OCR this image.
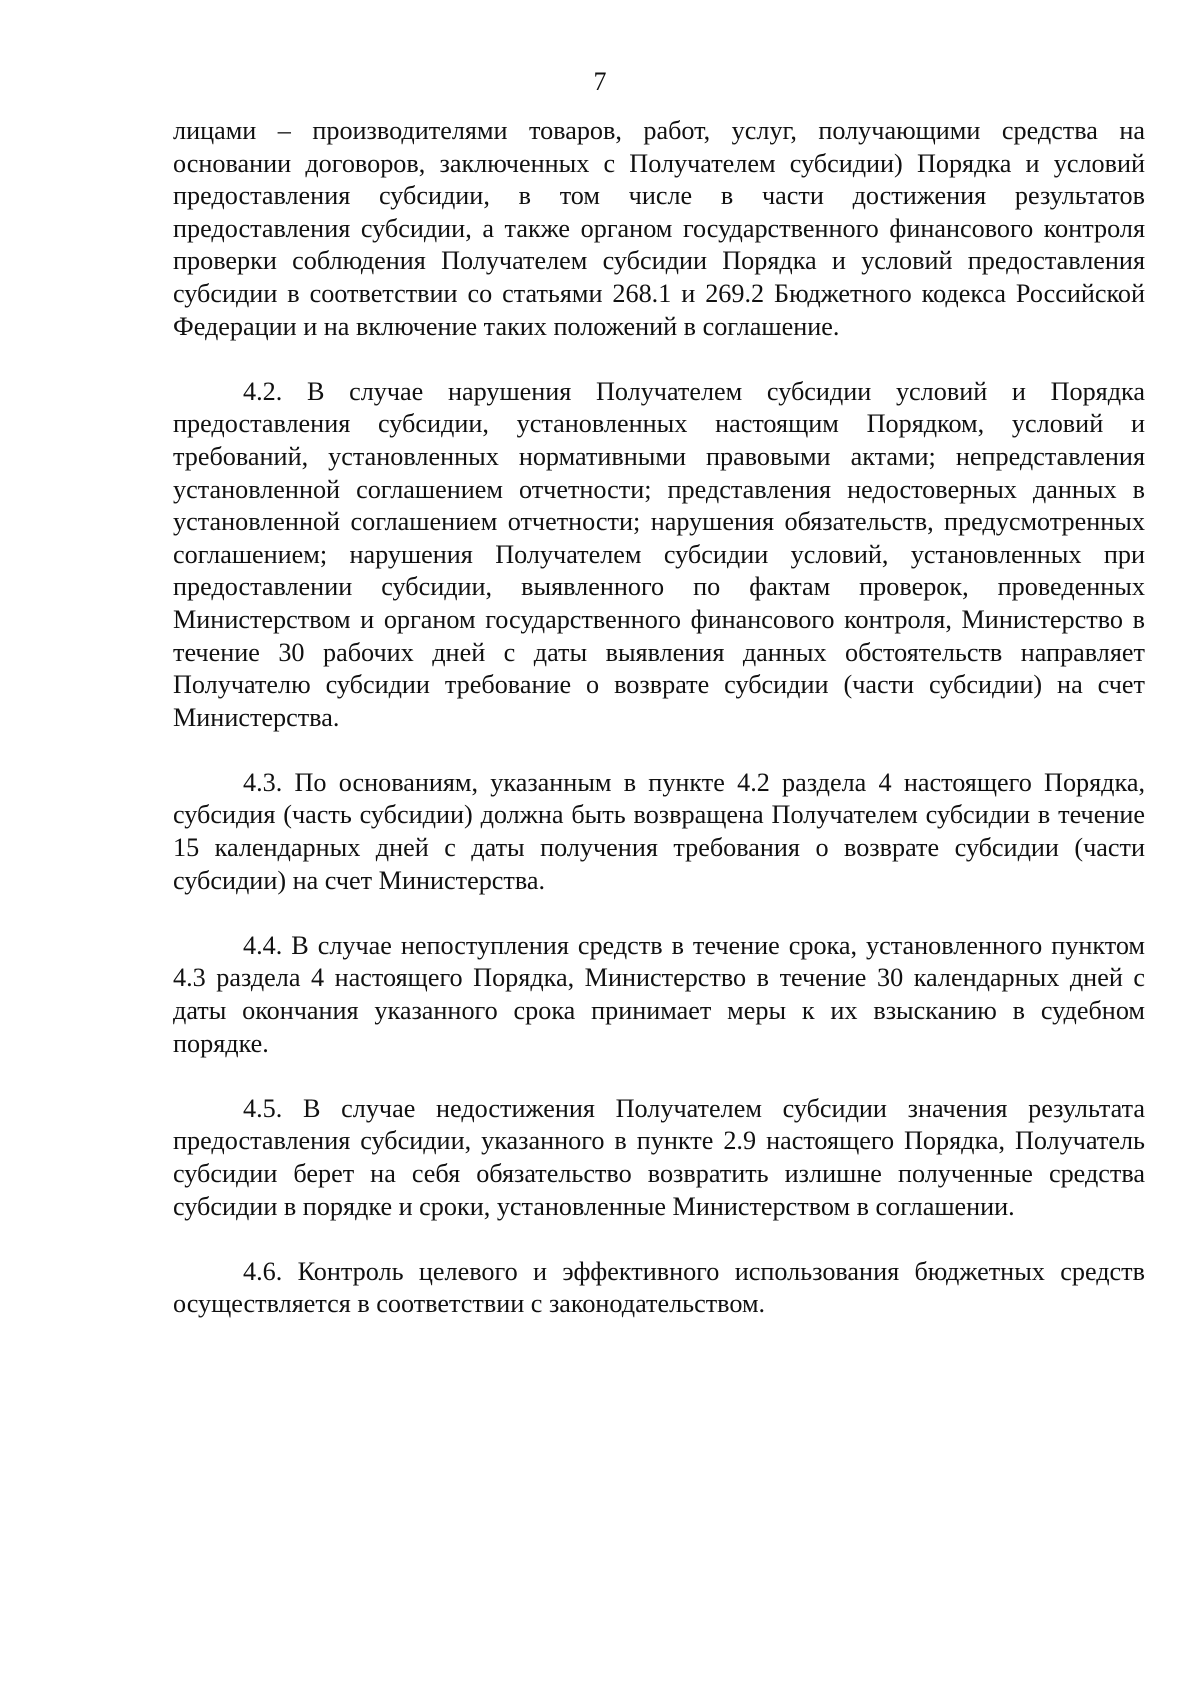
7

лицами – производителями товаров, работ, услуг, получающими средства на основании договоров, заключенных с Получателем субсидии) Порядка и условий предоставления субсидии, в том числе в части достижения результатов предоставления субсидии, а также органом государственного финансового контроля проверки соблюдения Получателем субсидии Порядка и условий предоставления субсидии в соответствии со статьями 268.1 и 269.2 Бюджетного кодекса Российской Федерации и на включение таких положений в соглашение.

4.2. В случае нарушения Получателем субсидии условий и Порядка предоставления субсидии, установленных настоящим Порядком, условий и требований, установленных нормативными правовыми актами; непредставления установленной соглашением отчетности; представления недостоверных данных в установленной соглашением отчетности; нарушения обязательств, предусмотренных соглашением; нарушения Получателем субсидии условий, установленных при предоставлении субсидии, выявленного по фактам проверок, проведенных Министерством и органом государственного финансового контроля, Министерство в течение 30 рабочих дней с даты выявления данных обстоятельств направляет Получателю субсидии требование о возврате субсидии (части субсидии) на счет Министерства.

4.3. По основаниям, указанным в пункте 4.2 раздела 4 настоящего Порядка, субсидия (часть субсидии) должна быть возвращена Получателем субсидии в течение 15 календарных дней с даты получения требования о возврате субсидии (части субсидии) на счет Министерства.

4.4. В случае непоступления средств в течение срока, установленного пунктом 4.3 раздела 4 настоящего Порядка, Министерство в течение 30 календарных дней с даты окончания указанного срока принимает меры к их взысканию в судебном порядке.

4.5. В случае недостижения Получателем субсидии значения результата предоставления субсидии, указанного в пункте 2.9 настоящего Порядка, Получатель субсидии берет на себя обязательство возвратить излишне полученные средства субсидии в порядке и сроки, установленные Министерством в соглашении.

4.6. Контроль целевого и эффективного использования бюджетных средств осуществляется в соответствии с законодательством.
